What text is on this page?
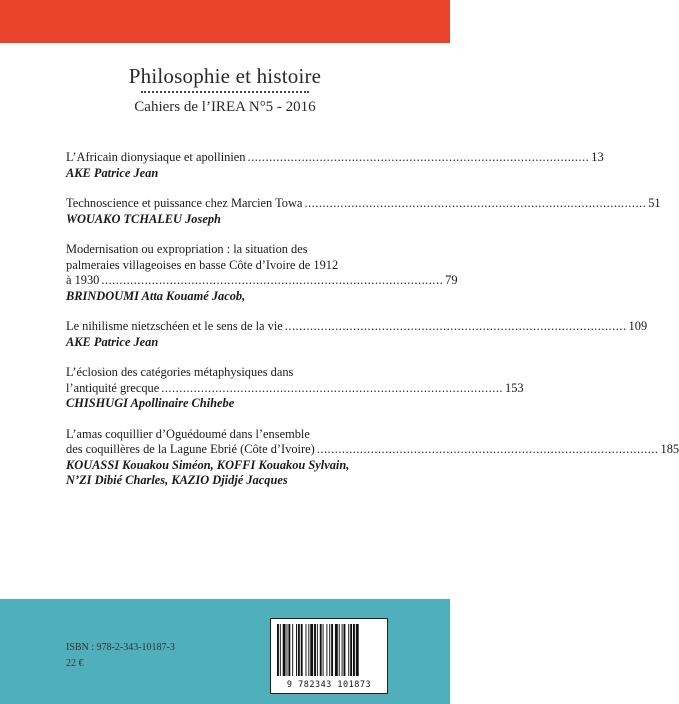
Philosophie et histoire
Cahiers de l’IREA N°5 - 2016
L’Africain dionysiaque et apollinien ............................................................................................... 13
AKE Patrice Jean
Technoscience et puissance chez Marcien Towa ............................................................................................... 51
WOUAKO TCHALEU Joseph
Modernisation ou expropriation : la situation des
palmeraies villageoises en basse Côte d’Ivoire de 1912
à 1930 ............................................................................................... 79
BRINDOUMI Atta Kouamé Jacob,
Le nihilisme nietzschéen et le sens de la vie ............................................................................................... 109
AKE Patrice Jean
L’éclosion des catégories métaphysiques dans
l’antiquité grecque ............................................................................................... 153
CHISHUGI Apollinaire Chihebe
L’amas coquillier d’Oguédoumé dans l’ensemble
des coquillères de la Lagune Ebrié (Côte d’Ivoire) ............................................................................................... 185
KOUASSI Kouakou Siméon, KOFFI Kouakou Sylvain,
N’ZI Dibié Charles, KAZIO Djidjé Jacques
ISBN : 978-2-343-10187-3
22 €
9 782343 101873
